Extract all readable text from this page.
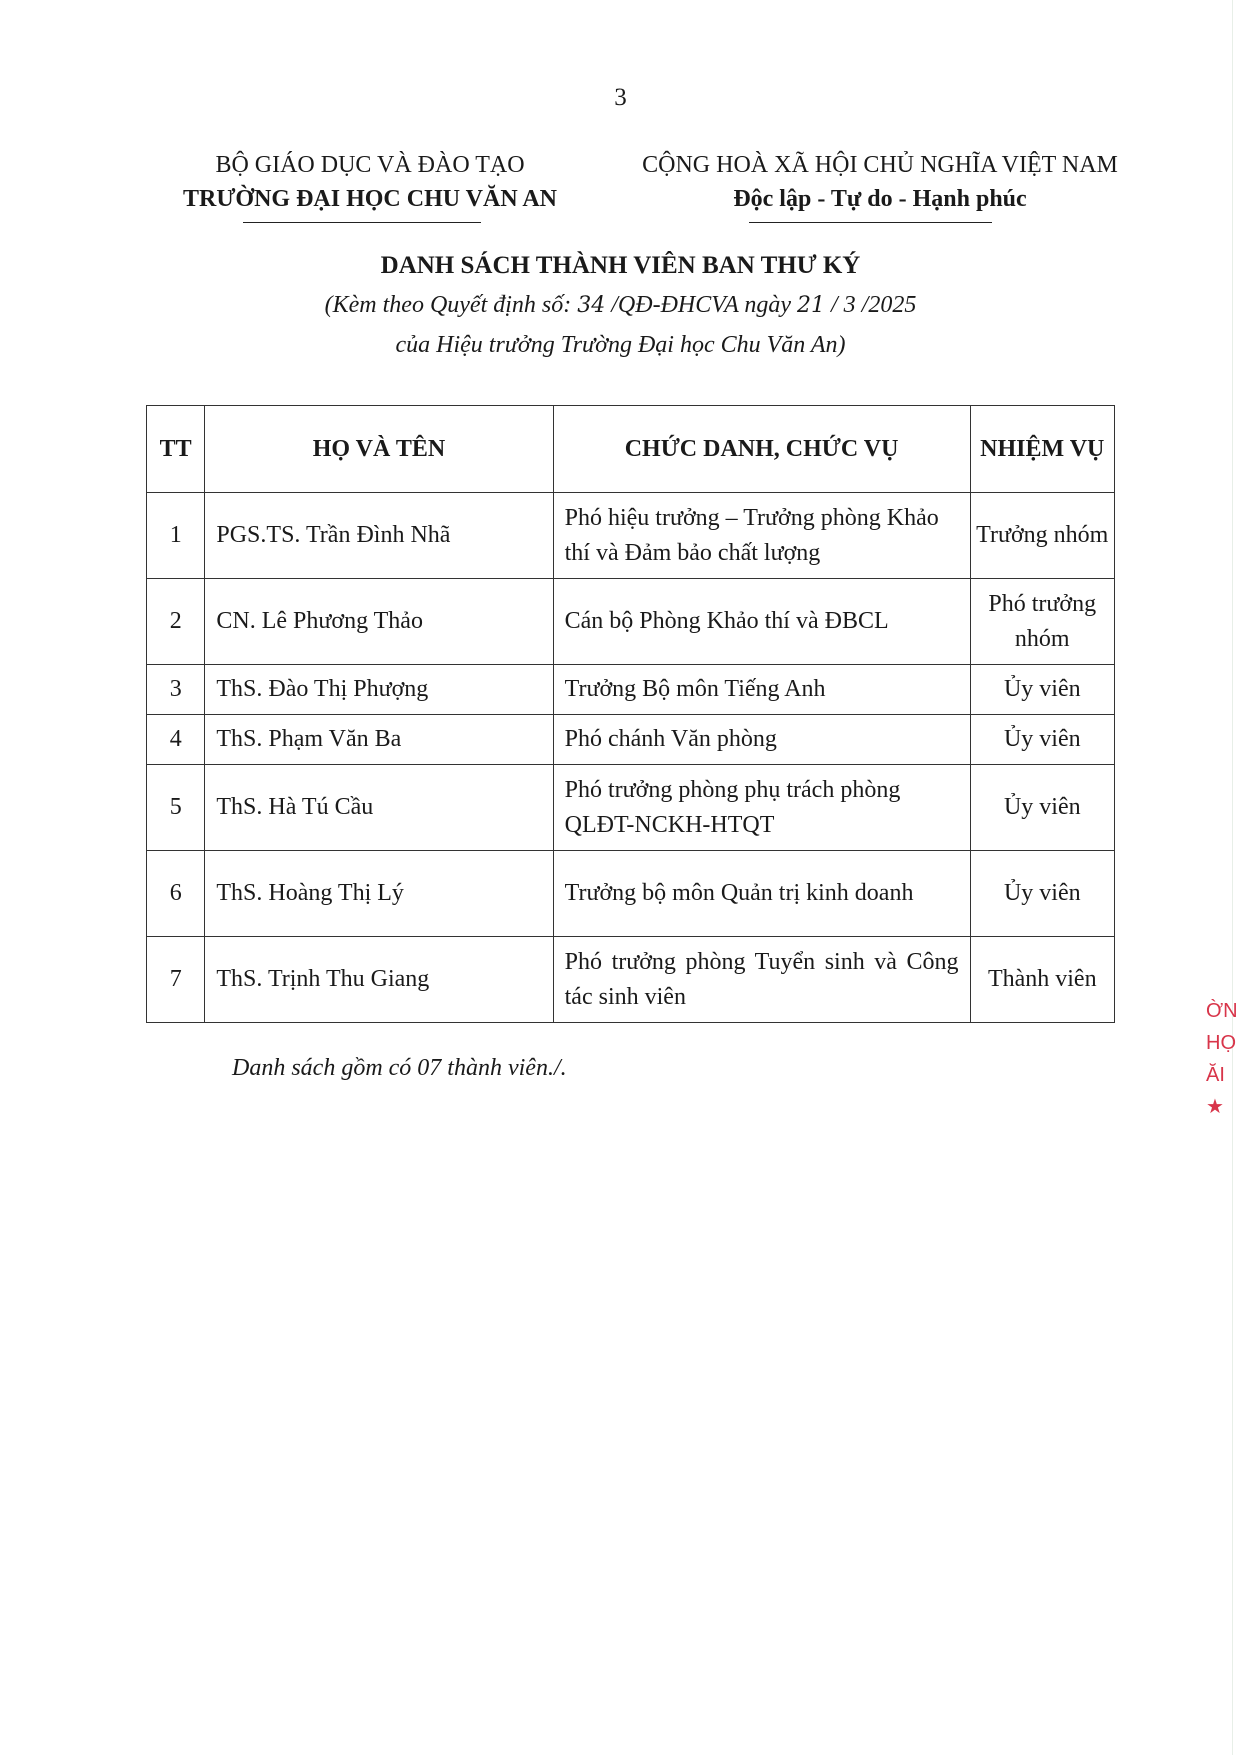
3
BỘ GIÁO DỤC VÀ ĐÀO TẠO
TRƯỜNG ĐẠI HỌC CHU VĂN AN
CỘNG HOÀ XÃ HỘI CHỦ NGHĨA VIỆT NAM
Độc lập - Tự do - Hạnh phúc
DANH SÁCH THÀNH VIÊN BAN THƯ KÝ
(Kèm theo Quyết định số: 34 /QĐ-ĐHCVA ngày 21 / 3 /2025
của Hiệu trưởng Trường Đại học Chu Văn An)
TT	HỌ VÀ TÊN	CHỨC DANH, CHỨC VỤ	NHIỆM VỤ
1	PGS.TS. Trần Đình Nhã	Phó hiệu trưởng – Trưởng phòng Khảo thí và Đảm bảo chất lượng	Trưởng nhóm
2	CN. Lê Phương Thảo	Cán bộ Phòng Khảo thí và ĐBCL	Phó trưởng nhóm
3	ThS. Đào Thị Phượng	Trưởng Bộ môn Tiếng Anh	Ủy viên
4	ThS. Phạm Văn Ba	Phó chánh Văn phòng	Ủy viên
5	ThS. Hà Tú Cầu	Phó trưởng phòng phụ trách phòng QLĐT-NCKH-HTQT	Ủy viên
6	ThS. Hoàng Thị Lý	Trưởng bộ môn Quản trị kinh doanh	Ủy viên
7	ThS. Trịnh Thu Giang	Phó trưởng phòng Tuyển sinh và Công tác sinh viên	Thành viên
Danh sách gồm có 07 thành viên./.
ỜN
HỌ
ĂI
★
